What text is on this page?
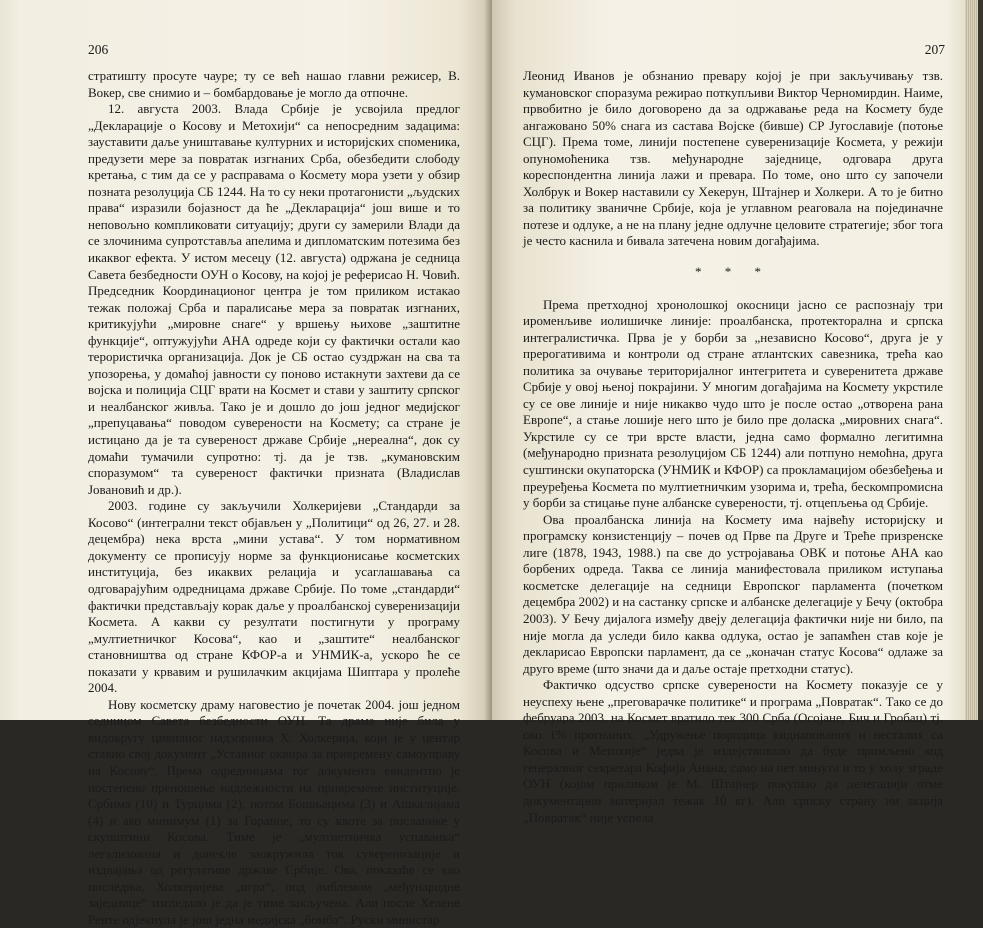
206

стратишту просуте чауре; ту се већ нашао главни режисер, В. Вокер, све снимио и – бомбардовање је могло да отпочне.

12. августа 2003. Влада Србије је усвојила предлог „Декларације о Косову и Метохији“ са непосредним задацима: зауставити даље уништавање културних и историјских споменика, предузети мере за повратак изгнаних Срба, обезбедити слободу кретања, с тим да се у расправама о Космету мора узети у обзир позната резолуција СБ 1244. На то су неки протагонисти „људских права“ изразили бојазност да ће „Декларација“ још више и то неповољно компликовати ситуацију; други су замерили Влади да се злочинима супротставља апелима и дипломатским потезима без икаквог ефекта. У истом месецу (12. августа) одржана је седница Савета безбедности ОУН о Косову, на којој је реферисао Н. Човић. Председник Координационог центра је том приликом истакао тежак положај Срба и паралисање мера за повратак изгнаних, критикујући „мировне снаге“ у вршењу њихове „заштитне функције“, оптужујући АНА одреде који су фактички остали као терористичка организација. Док је СБ остао суздржан на сва та упозорења, у домаћој јавности су поново истакнути захтеви да се војска и полиција СЦГ врати на Космет и стави у заштиту српског и неалбанског живља. Тако је и дошло до још једног медијског „препуцавања“ поводом суверености на Космету; са стране је истицано да је та сувереност државе Србије „нереална“, док су домаћи тумачили супротно: тј. да је тзв. „кумановским споразумом“ та сувереност фактички призната (Владислав Јовановић и др.).

2003. године су закључили Холкеријеви „Стандарди за Косово“ (интегрални текст објављен у „Политици“ од 26, 27. и 28. децембра) нека врста „мини устава“. У том нормативном документу се прописују норме за функционисање косметских институција, без икаквих релација и усаглашавања са одговарајућим одредницама државе Србије. По томе „стандарди“ фактички представљају корак даље у проалбанској суверенизацији Космета. А какви су резултати постигнути у програму „мултиетничког Косова“, као и „заштите“ неалбанског становништва од стране КФОР-а и УНМИК-а, ускоро ће се показати у крвавим и рушилачким акцијама Шиптара у пролеће 2004.

Нову косметску драму наговестио је почетак 2004. још једном седницом Савета безбедности ОУН. Та драма није била у видокругу цивилног надзорника Х. Холкерија, који је у центар ставио свој документ „Уставног оквира за привремену самоуправу на Косову“. Према одредницама тог документа евидентно је постепено преношење надлежности на привремене институције. Србима (10) и Турцима (2), потом Бошњацима (3) и Ашкалијама (4) и ако минимум (1) за Горанце, то су квоте за посланике у скупштини Косова. Тиме је „мултиетничка успаванка“ легализована и донекле заокружила ток суверенизације и издвајања од регулативе државе Србије. Ова, показаће се као последња, Холкеријева „игра“, под амблемом „међународне заједнице“ изгледало је да је тиме закључена. Али после Хелене Ренте одјекнула је још једна медијска „бомба“. Руски министар

207

Леонид Иванов је обзнанио превару којој је при закључивању тзв. кумановског споразума режирао поткупљиви Виктор Черномирдин. Наиме, првобитно је било договорено да за одржавање реда на Космету буде ангажовано 50% снага из састава Војске (бивше) СР Југославије (потоње СЦГ). Према томе, линији постепене суверенизације Космета, у режији опуномоћеника тзв. међународне заједнице, одговара друга кореспондентна линија лажи и превара. По томе, оно што су започели Холбрук и Вокер наставили су Хекерун, Штајнер и Холкери. А то је битно за политику званичне Србије, која је углавном реаговала на појединачне потезе и одлуке, а не на плану једне одлучне целовите стратегије; због тога је често каснила и бивала затечена новим догађајима.

* * *

Према претходној хронолошкој окосници јасно се распознају три ироменљиве иолишичке линије: проалбанска, протекторална и српска интегралистичка. Прва је у борби за „независно Косово“, друга је у прерогативима и контроли од стране атлантских савезника, трећа као политика за очување територијалног интегритета и суверенитета државе Србије у овој њеној покрајини. У многим догађајима на Космету укрстиле су се ове линије и није никакво чудо што је после остао „отворена рана Европе“, а стање лошије него што је било пре доласка „мировних снага“. Укрстиле су се три врсте власти, једна само формално легитимна (међународно призната резолуцијом СБ 1244) али потпуно немоћна, друга суштински окупаторска (УНМИК и КФОР) са прокламацијом обезбеђења и преуређења Космета по мултиетничким узорима и, трећа, бескомпромисна у борби за стицање пуне албанске суверености, тј. отцепљења од Србије.

Ова проалбанска линија на Космету има највећу историјску и програмску конзистенцију – почев од Прве па Друге и Треће призренске лиге (1878, 1943, 1988.) па све до устројавања ОВК и потоње АНА као борбених одреда. Таква се линија манифестовала приликом иступања косметске делегације на седници Европског парламента (почетком децембра 2002) и на састанку српске и албанске делегације у Бечу (октобра 2003). У Бечу дијалога између двеју делегација фактички није ни било, па није могла да уследи било каква одлука, остао је запамћен став које је декларисао Европски парламент, да се „коначан статус Косова“ одлаже за друго време (што значи да и даље остаје претходни статус).

Фактичко одсуство српске суверености на Космету показује се у неуспеху њене „преговарачке политике“ и програма „Повратак“. Тако се до фебруара 2003. на Космет вратило тек 300 Срба (Осојане, Бич и Гробац) тј. око 1% прогнаних. „Удружење породица киднапованих и несталих са Косова и Метохије“ једва је издејствовало да буде примљено код генералног секретара Кофија Анана, само на пет минута и то у холу зграде ОУН (којом приликом је М. Штајнер покушао да делегацији отме документарни материјал тежак 10 кг). Али српску страну ни акција „Повратак“ није успела
